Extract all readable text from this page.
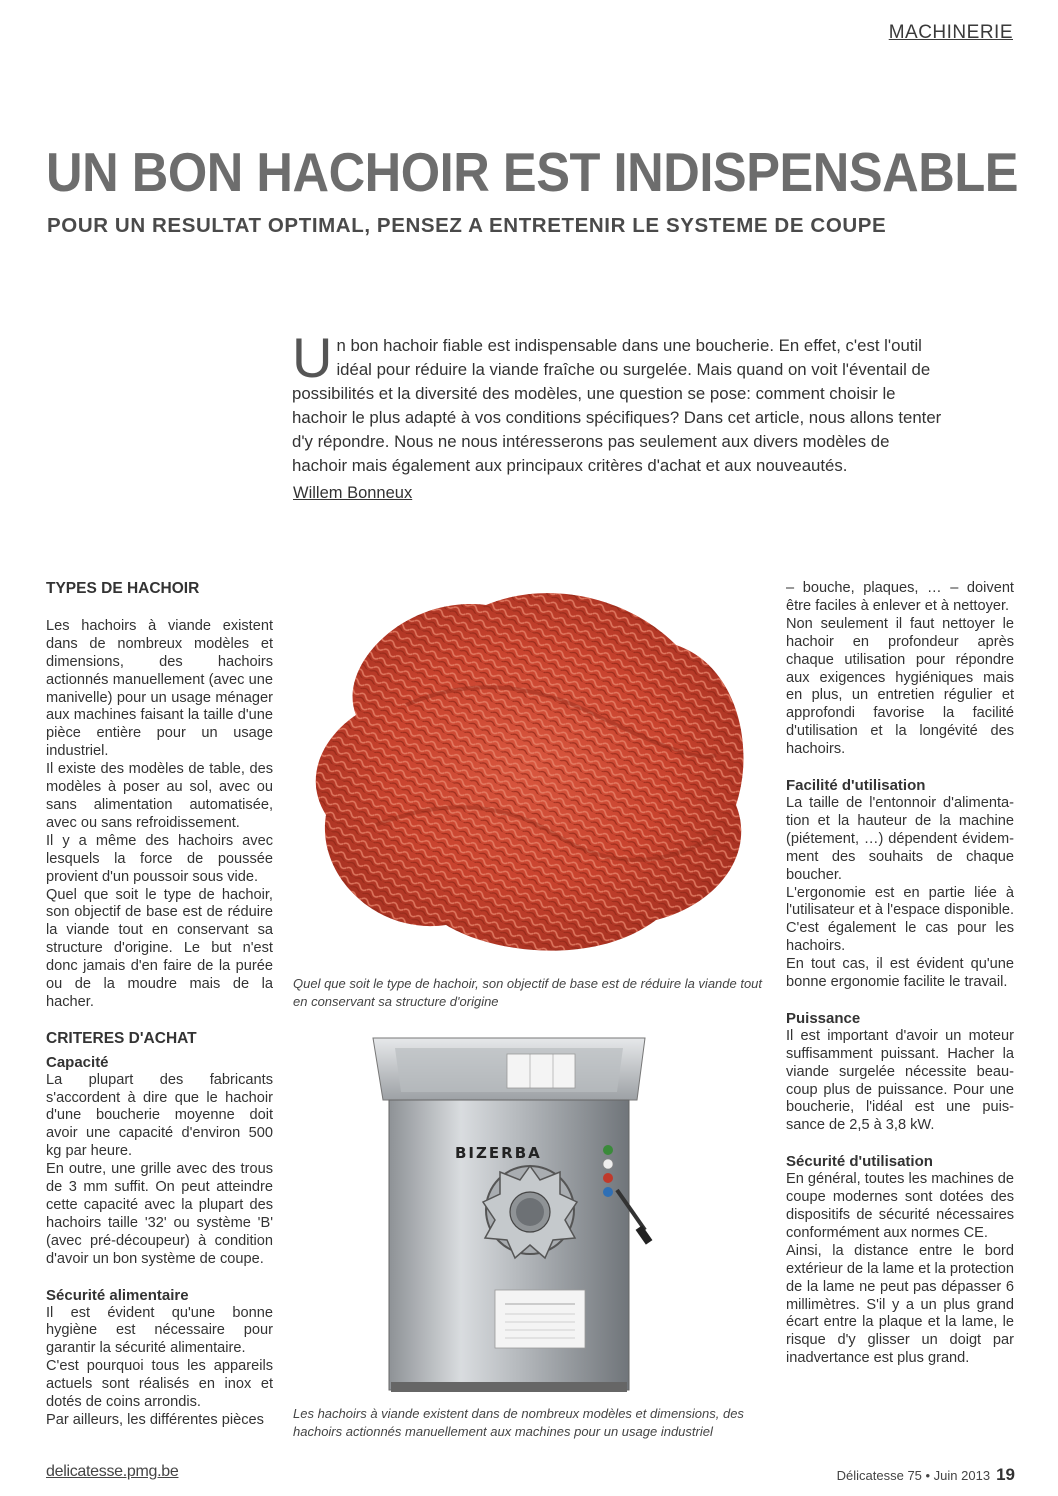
MACHINERIE
UN BON HACHOIR EST INDISPENSABLE
POUR UN RESULTAT OPTIMAL, PENSEZ A ENTRETENIR LE SYSTEME DE COUPE
Un bon hachoir fiable est indispensable dans une boucherie. En effet, c'est l'outil idéal pour réduire la viande fraîche ou surgelée. Mais quand on voit l'éventail de possibilités et la diversité des modèles, une question se pose: comment choisir le hachoir le plus adapté à vos conditions spécifiques? Dans cet article, nous allons tenter d'y répondre. Nous ne nous intéresserons pas seulement aux divers modèles de hachoir mais également aux principaux critères d'achat et aux nouveautés.
Willem Bonneux
TYPES DE HACHOIR

Les hachoirs à viande existent dans de nombreux modèles et dimensions, des hachoirs actionnés manuellement (avec une manivelle) pour un usage ménager aux machines faisant la taille d'une pièce entière pour un usage industriel.

Il existe des modèles de table, des modèles à poser au sol, avec ou sans alimentation automatisée, avec ou sans refroidissement.

Il y a même des hachoirs avec lesquels la force de poussée provient d'un poussoir sous vide.

Quel que soit le type de hachoir, son objectif de base est de réduire la viande tout en conservant sa structure d'origine. Le but n'est donc jamais d'en faire de la purée ou de la moudre mais de la hacher.

CRITERES D'ACHAT
Capacité

La plupart des fabricants s'accordent à dire que le hachoir d'une boucherie moyenne doit avoir une capacité d'environ 500 kg par heure.

En outre, une grille avec des trous de 3 mm suffit. On peut atteindre cette capacité avec la plupart des hachoirs taille '32' ou système 'B' (avec pré-découpeur) à condition d'avoir un bon système de coupe.

Sécurité alimentaire

Il est évident qu'une bonne hygiène est nécessaire pour garantir la sécurité alimentaire.

C'est pourquoi tous les appareils actuels sont réalisés en inox et dotés de coins arrondis.

Par ailleurs, les différentes pièces

Quel que soit le type de hachoir, son objectif de base est de réduire la viande tout en conservant sa structure d'origine
BIZERBA
Les hachoirs à viande existent dans de nombreux modèles et dimensions, des hachoirs actionnés manuellement aux machines pour un usage industriel

– bouche, plaques, … – doivent être faciles à enlever et à nettoyer.

Non seulement il faut nettoyer le hachoir en profondeur après chaque utilisation pour répondre aux exigences hygiéniques mais en plus, un entretien régulier et approfondi favorise la facilité d'utilisation et la longévité des hachoirs.

Facilité d'utilisation

La taille de l'entonnoir d'alimentation et la hauteur de la machine (piétement, …) dépendent évidemment des souhaits de chaque boucher.

L'ergonomie est en partie liée à l'utilisateur et à l'espace disponible. C'est également le cas pour les hachoirs.

En tout cas, il est évident qu'une bonne ergonomie facilite le travail.

Puissance

Il est important d'avoir un moteur suffisamment puissant. Hacher la viande surgelée nécessite beaucoup plus de puissance. Pour une boucherie, l'idéal est une puissance de 2,5 à 3,8 kW.

Sécurité d'utilisation

En général, toutes les machines de coupe modernes sont dotées des dispositifs de sécurité nécessaires conformément aux normes CE.

Ainsi, la distance entre le bord extérieur de la lame et la protection de la lame ne peut pas dépasser 6 millimètres. S'il y a un plus grand écart entre la plaque et la lame, le risque d'y glisser un doigt par inadvertance est plus grand.

delicatesse.pmg.be	Délicatesse 75 • Juin 2013 19
